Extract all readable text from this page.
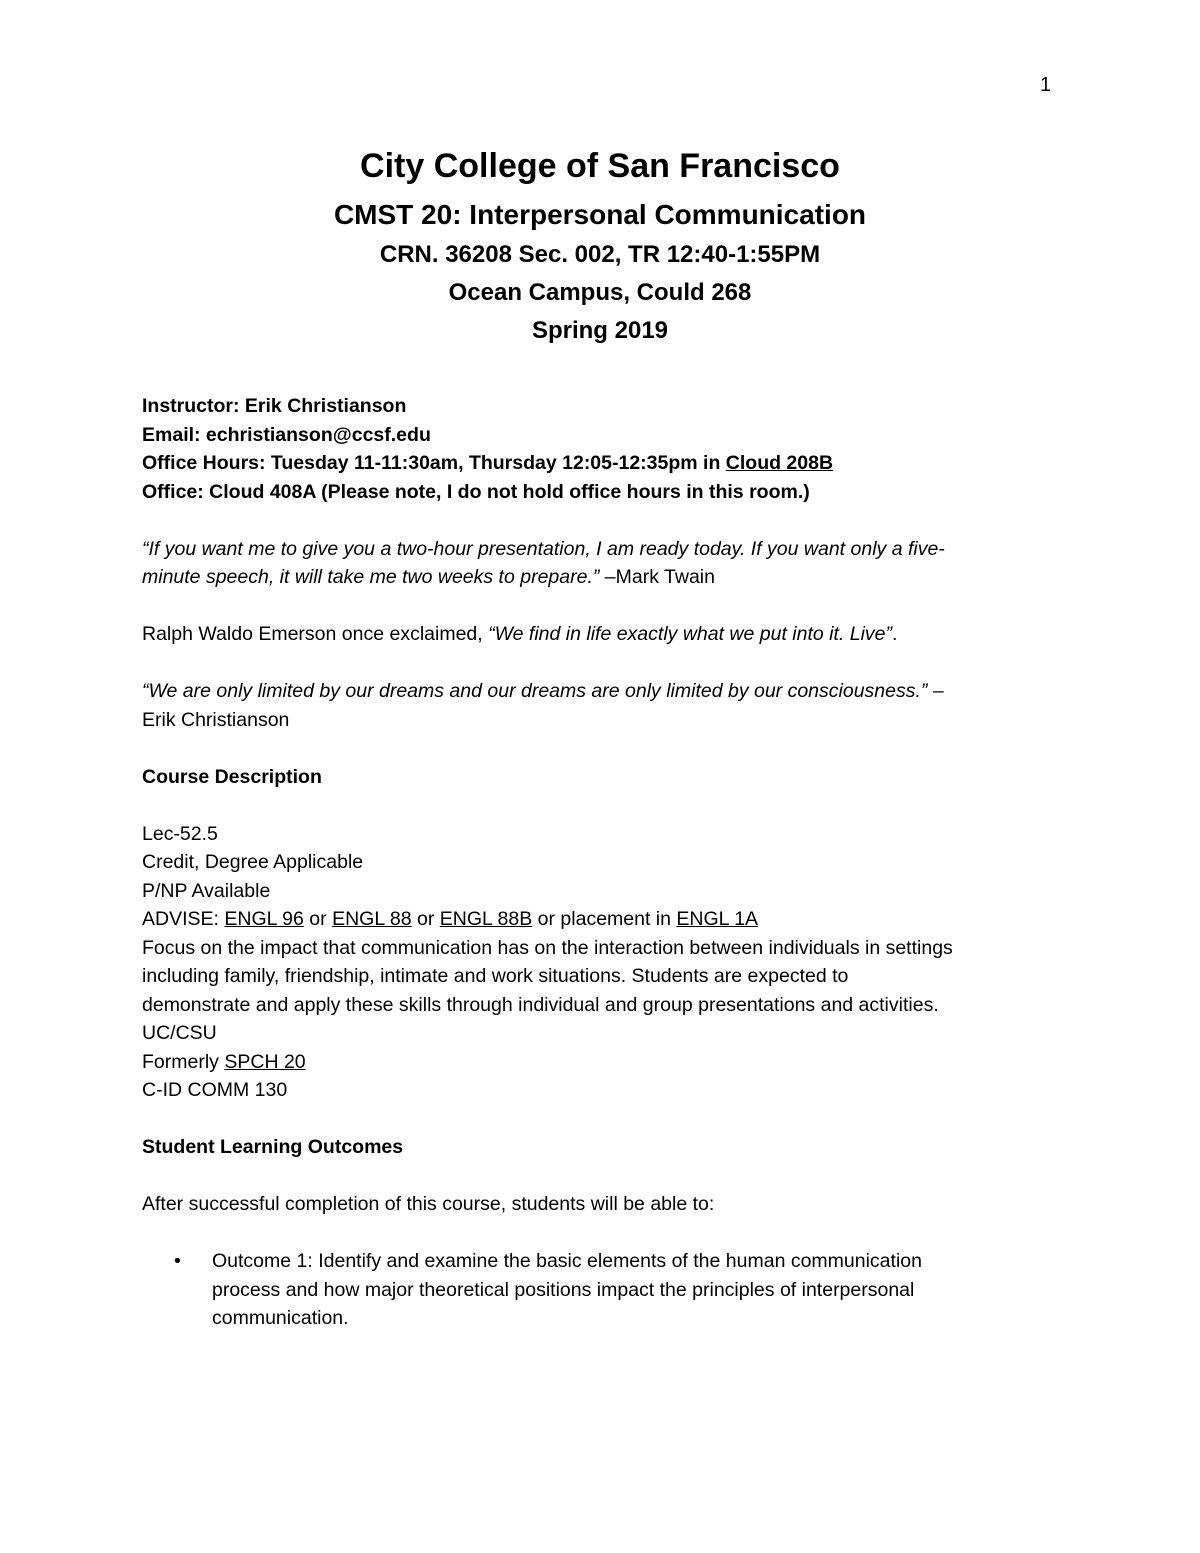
1
City College of San Francisco
CMST 20: Interpersonal Communication
CRN. 36208 Sec. 002, TR 12:40-1:55PM
Ocean Campus, Could 268
Spring 2019
Instructor: Erik Christianson
Email: echristianson@ccsf.edu
Office Hours: Tuesday 11-11:30am, Thursday 12:05-12:35pm in Cloud 208B
Office: Cloud 408A (Please note, I do not hold office hours in this room.)
“If you want me to give you a two-hour presentation, I am ready today. If you want only a five-
minute speech, it will take me two weeks to prepare.” –Mark Twain
Ralph Waldo Emerson once exclaimed, “We find in life exactly what we put into it. Live”.
“We are only limited by our dreams and our dreams are only limited by our consciousness.” –
Erik Christianson
Course Description
Lec-52.5
Credit, Degree Applicable
P/NP Available
ADVISE: ENGL 96 or ENGL 88 or ENGL 88B or placement in ENGL 1A
Focus on the impact that communication has on the interaction between individuals in settings
including family, friendship, intimate and work situations. Students are expected to
demonstrate and apply these skills through individual and group presentations and activities.
UC/CSU
Formerly SPCH 20
C-ID COMM 130
Student Learning Outcomes
After successful completion of this course, students will be able to:
• Outcome 1: Identify and examine the basic elements of the human communication
process and how major theoretical positions impact the principles of interpersonal
communication.
